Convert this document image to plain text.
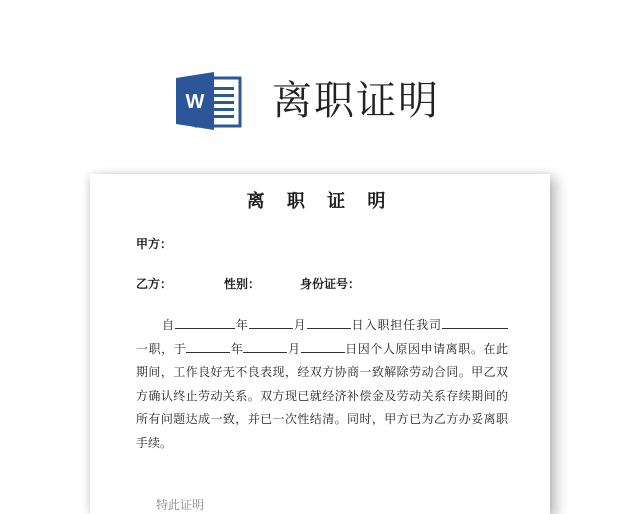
W 离职证明
离 职 证 明
甲方：
乙方：	性别：	身份证号：
自	年	月	日入职担任我司
一职，于	年	月	日因个人原因申请离职。在此
期间，工作良好无不良表现，经双方协商一致解除劳动合同。甲乙双
方确认终止劳动关系。双方现已就经济补偿金及劳动关系存续期间的
所有问题达成一致，并已一次性结清。同时，甲方已为乙方办妥离职
手续。
特此证明
